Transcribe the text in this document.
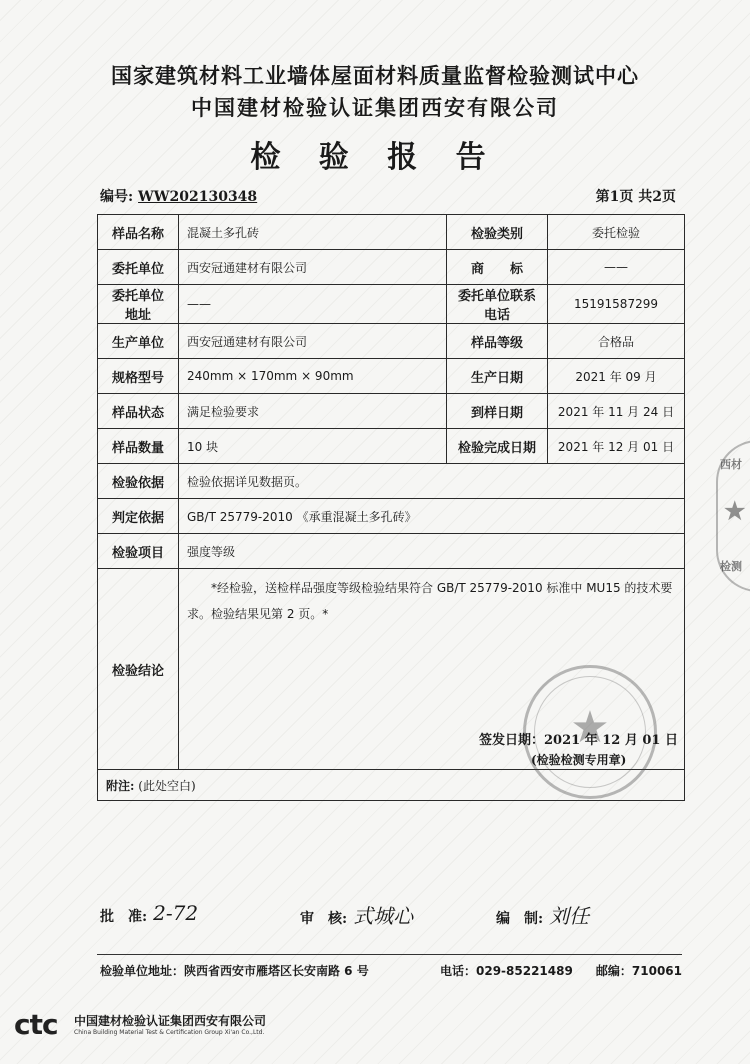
国家建筑材料工业墙体屋面材料质量监督检验测试中心
中国建材检验认证集团西安有限公司
检 验 报 告
编号: WW202130348	第1页 共2页
样品名称	混凝土多孔砖	检验类别	委托检验
委托单位	西安冠通建材有限公司	商　　标	——
委托单位地址	——	委托单位联系电话	15191587299
生产单位	西安冠通建材有限公司	样品等级	合格品
规格型号	240mm × 170mm × 90mm	生产日期	2021 年 09 月
样品状态	满足检验要求	到样日期	2021 年 11 月 24 日
样品数量	10 块	检验完成日期	2021 年 12 月 01 日
检验依据	检验依据详见数据页。		
判定依据	GB/T 25779-2010 《承重混凝土多孔砖》		
检验项目	强度等级		
检验结论	*经检验，送检样品强度等级检验结果符合 GB/T 25779-2010 标准中 MU15 的技术要求。检验结果见第 2 页。*
★
签发日期：2021 年 12 月 01 日
(检验检测专用章)		

附注: (此处空白)			
批　准: 2-72	审　核: 式城心	编　制: 刘任
检验单位地址：陕西省西安市雁塔区长安南路 6 号	电话：029-85221489 邮编：710061
ctc 中国建材检验认证集团西安有限公司
China Building Material Test & Certification Group Xi'an Co.,Ltd.
西材
★
检测
